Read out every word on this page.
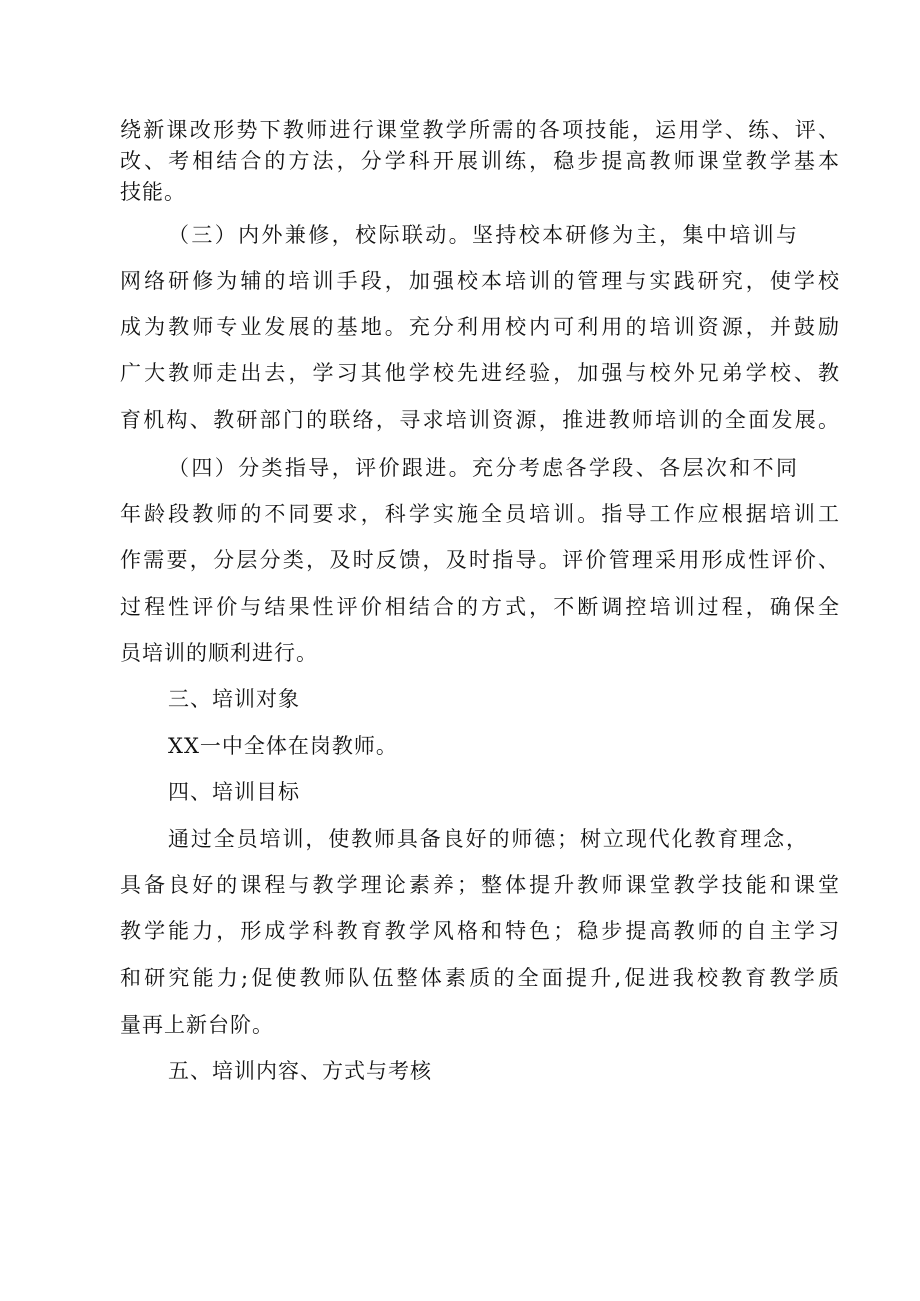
绕新课改形势下教师进行课堂教学所需的各项技能，运用学、练、评、
改、考相结合的方法，分学科开展训练，稳步提高教师课堂教学基本
技能。
（三）内外兼修，校际联动。坚持校本研修为主，集中培训与
网络研修为辅的培训手段，加强校本培训的管理与实践研究，使学校
成为教师专业发展的基地。充分利用校内可利用的培训资源，并鼓励
广大教师走出去，学习其他学校先进经验，加强与校外兄弟学校、教
育机构、教研部门的联络，寻求培训资源，推进教师培训的全面发展。
（四）分类指导，评价跟进。充分考虑各学段、各层次和不同
年龄段教师的不同要求，科学实施全员培训。指导工作应根据培训工
作需要，分层分类，及时反馈，及时指导。评价管理采用形成性评价、
过程性评价与结果性评价相结合的方式，不断调控培训过程，确保全
员培训的顺利进行。
三、培训对象
XX一中全体在岗教师。
四、培训目标
通过全员培训，使教师具备良好的师德；树立现代化教育理念，
具备良好的课程与教学理论素养；整体提升教师课堂教学技能和课堂
教学能力，形成学科教育教学风格和特色；稳步提高教师的自主学习
和研究能力;促使教师队伍整体素质的全面提升,促进我校教育教学质
量再上新台阶。
五、培训内容、方式与考核
